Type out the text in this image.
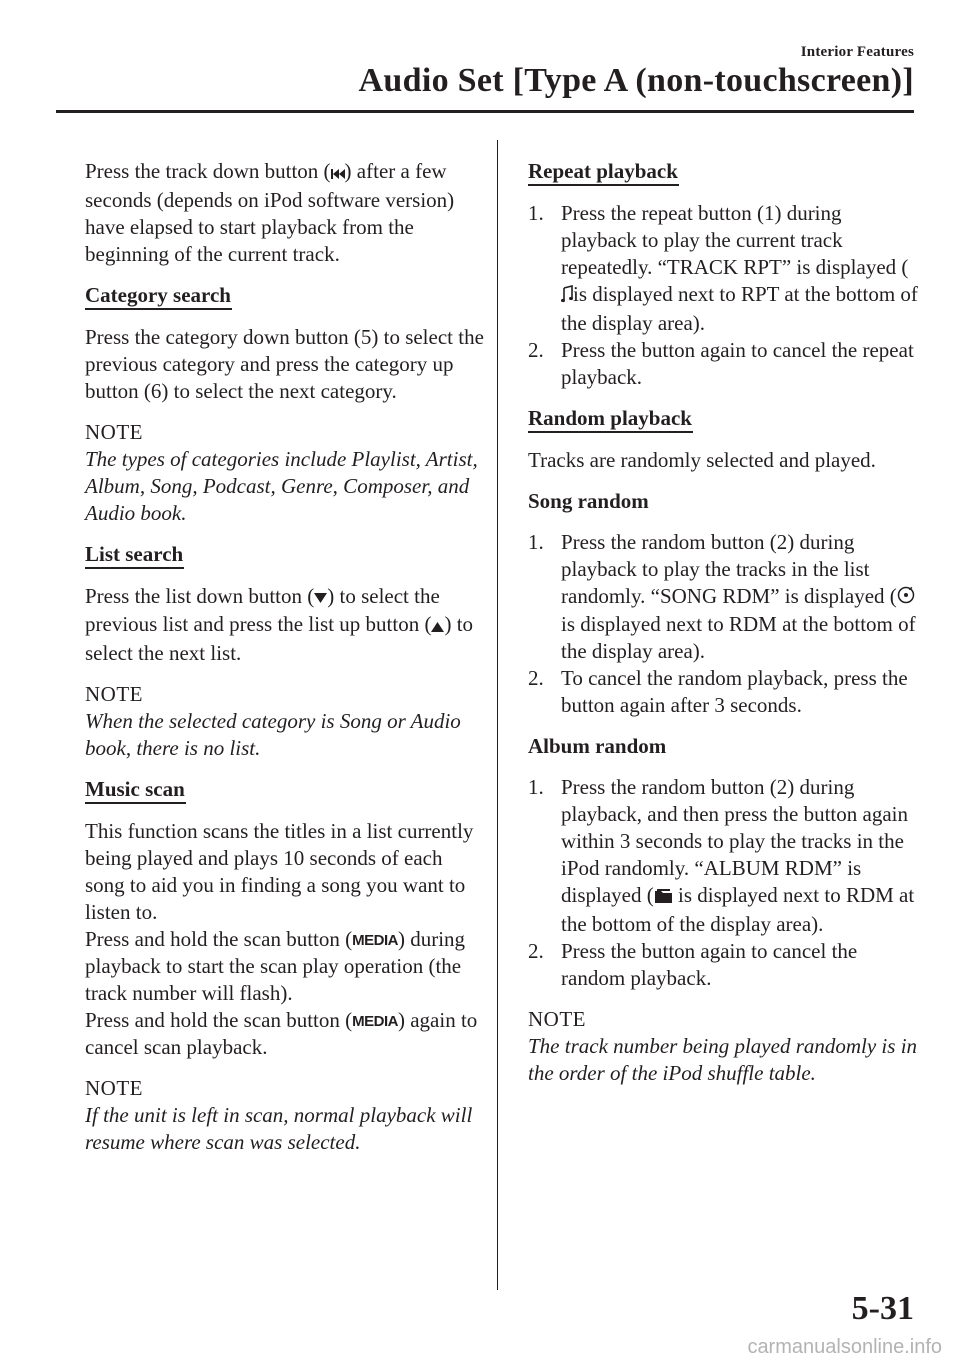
Interior Features
Audio Set [Type A (non-touchscreen)]

Press the track down button ( ) after a few seconds (depends on iPod software version) have elapsed to start playback from the beginning of the current track.

Category search

Press the category down button (5) to select the previous category and press the category up button (6) to select the next category.

NOTE

The types of categories include Playlist, Artist, Album, Song, Podcast, Genre, Composer, and Audio book.

List search

Press the list down button ( ) to select the previous list and press the list up button ( ) to select the next list.

NOTE

When the selected category is Song or Audio book, there is no list.

Music scan

This function scans the titles in a list currently being played and plays 10 seconds of each song to aid you in finding a song you want to listen to.

Press and hold the scan button (MEDIA) during playback to start the scan play operation (the track number will flash).

Press and hold the scan button (MEDIA) again to cancel scan playback.

NOTE

If the unit is left in scan, normal playback will resume where scan was selected.

Repeat playback
1. Press the repeat button (1) during playback to play the current track repeatedly. “TRACK RPT” is displayed (is displayed next to RPT at the bottom of the display area).
2. Press the button again to cancel the repeat playback.
Random playback

Tracks are randomly selected and played.

Song random

1. Press the random button (2) during playback to play the tracks in the list randomly. “SONG RDM” is displayed ( is displayed next to RDM at the bottom of the display area).
2. To cancel the random playback, press the button again after 3 seconds.

Album random

1. Press the random button (2) during playback, and then press the button again within 3 seconds to play the tracks in the iPod randomly. “ALBUM RDM” is displayed ( is displayed next to RDM at the bottom of the display area).
2. Press the button again to cancel the random playback.

NOTE

The track number being played randomly is in the order of the iPod shuffle table.

5-31
carmanualsonline.info
